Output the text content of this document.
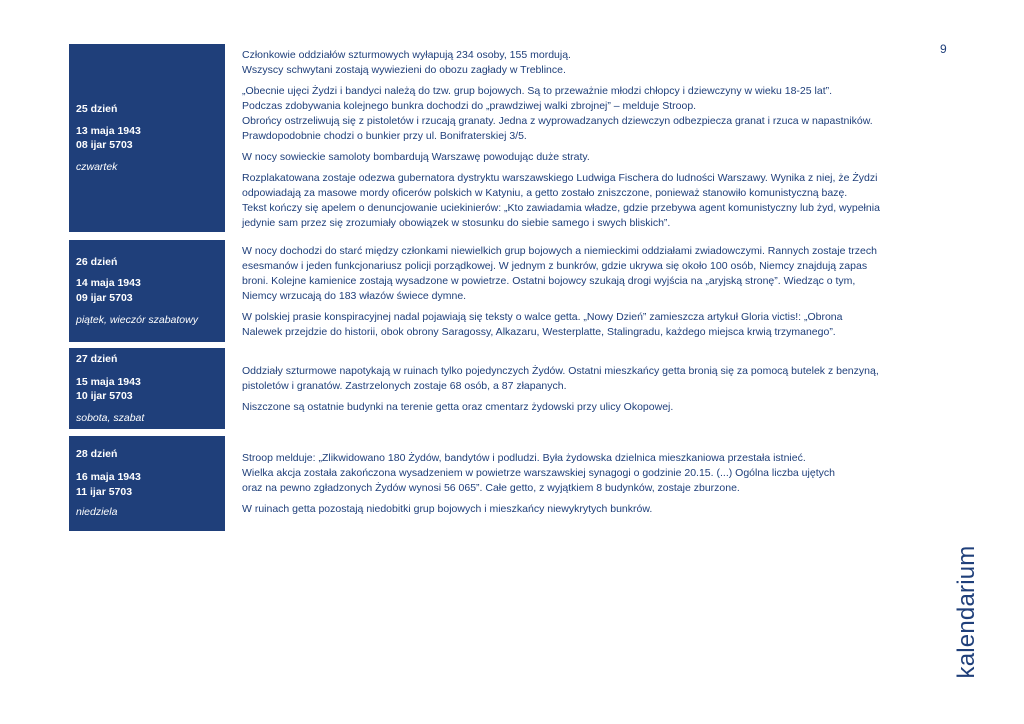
9
kalendarium
25 dzień
13 maja 1943
08 ijar 5703
czwartek
26 dzień
14 maja 1943
09 ijar 5703
piątek, wieczór szabatowy
27 dzień
15 maja 1943
10 ijar 5703
sobota, szabat
28 dzień
16 maja 1943
11 ijar 5703
niedziela

Członkowie oddziałów szturmowych wyłapują 234 osoby, 155 mordują.
Wszyscy schwytani zostają wywiezieni do obozu zagłady w Treblince.

„Obecnie ujęci Żydzi i bandyci należą do tzw. grup bojowych. Są to przeważnie młodzi chłopcy i dziewczyny w wieku 18-25 lat”.
Podczas zdobywania kolejnego bunkra dochodzi do „prawdziwej walki zbrojnej” – melduje Stroop.
Obrońcy ostrzeliwują się z pistoletów i rzucają granaty. Jedna z wyprowadzanych dziewczyn odbezpiecza granat i rzuca w napastników.
Prawdopodobnie chodzi o bunkier przy ul. Bonifraterskiej 3/5.

W nocy sowieckie samoloty bombardują Warszawę powodując duże straty.

Rozplakatowana zostaje odezwa gubernatora dystryktu warszawskiego Ludwiga Fischera do ludności Warszawy. Wynika z niej, że Żydzi
odpowiadają za masowe mordy oficerów polskich w Katyniu, a getto zostało zniszczone, ponieważ stanowiło komunistyczną bazę.
Tekst kończy się apelem o denuncjowanie uciekinierów: „Kto zawiadamia władze, gdzie przebywa agent komunistyczny lub żyd, wypełnia
jedynie sam przez się zrozumiały obowiązek w stosunku do siebie samego i swych bliskich”.

W nocy dochodzi do starć między członkami niewielkich grup bojowych a niemieckimi oddziałami zwiadowczymi. Rannych zostaje trzech
esesmanów i jeden funkcjonariusz policji porządkowej. W jednym z bunkrów, gdzie ukrywa się około 100 osób, Niemcy znajdują zapas
broni. Kolejne kamienice zostają wysadzone w powietrze. Ostatni bojowcy szukają drogi wyjścia na „aryjską stronę”. Wiedząc o tym,
Niemcy wrzucają do 183 włazów świece dymne.

W polskiej prasie konspiracyjnej nadal pojawiają się teksty o walce getta. „Nowy Dzień” zamieszcza artykuł Gloria victis!: „Obrona
Nalewek przejdzie do historii, obok obrony Saragossy, Alkazaru, Westerplatte, Stalingradu, każdego miejsca krwią trzymanego”.

Oddziały szturmowe napotykają w ruinach tylko pojedynczych Żydów. Ostatni mieszkańcy getta bronią się za pomocą butelek z benzyną,
pistoletów i granatów. Zastrzelonych zostaje 68 osób, a 87 złapanych.

Niszczone są ostatnie budynki na terenie getta oraz cmentarz żydowski przy ulicy Okopowej.

Stroop melduje: „Zlikwidowano 180 Żydów, bandytów i podludzi. Była żydowska dzielnica mieszkaniowa przestała istnieć.
Wielka akcja została zakończona wysadzeniem w powietrze warszawskiej synagogi o godzinie 20.15. (...) Ogólna liczba ujętych
oraz na pewno zgładzonych Żydów wynosi 56 065”. Całe getto, z wyjątkiem 8 budynków, zostaje zburzone.

W ruinach getta pozostają niedobitki grup bojowych i mieszkańcy niewykrytych bunkrów.
